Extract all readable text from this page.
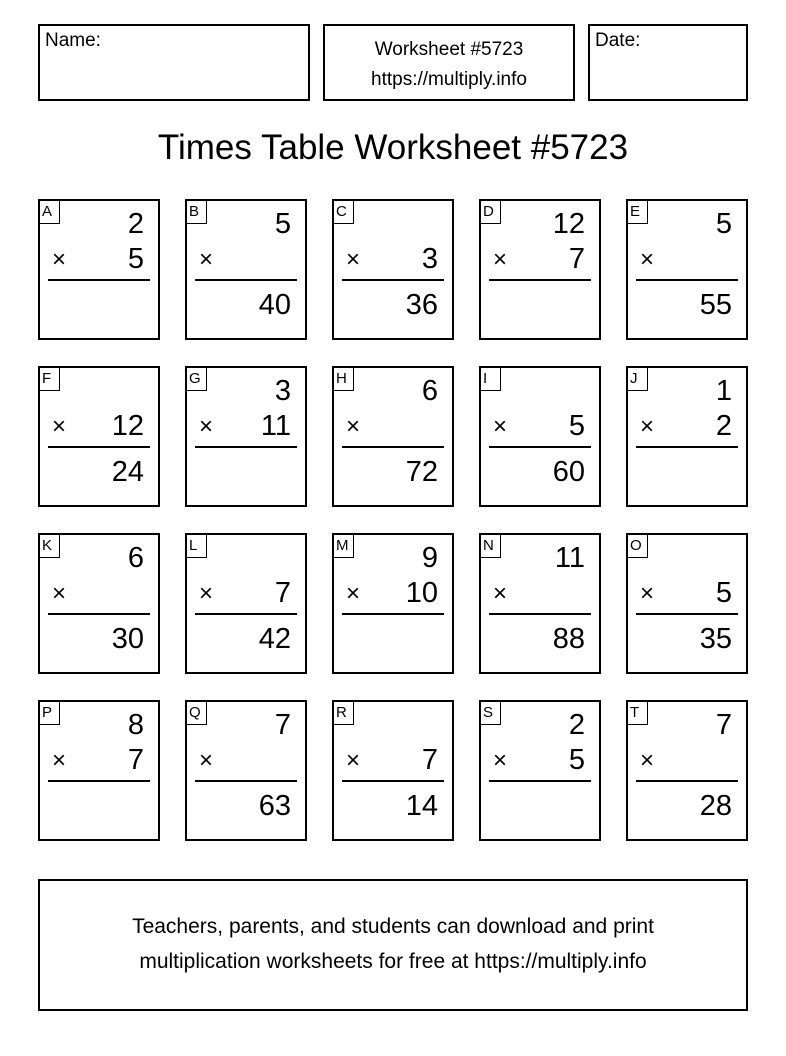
Name:	Worksheet #5723
https://multiply.info
Date:
Times Table Worksheet #5723
A	2
× 5
B	5
×
40
C
× 3
36
D 12
× 7
E	5
×
55
F
× 12
24
G	3
× 11
H	6
×
72
I
× 5
60
J	1
× 2
K	6
×
30
L
× 7
42
M	9
× 10
N 11
×
88
O
× 5
35
P	8
× 7
Q	7
×
63
R
× 7
14
S	2
× 5
T	7
×
28
Teachers, parents, and students can download and print
multiplication worksheets for free at https://multiply.info
